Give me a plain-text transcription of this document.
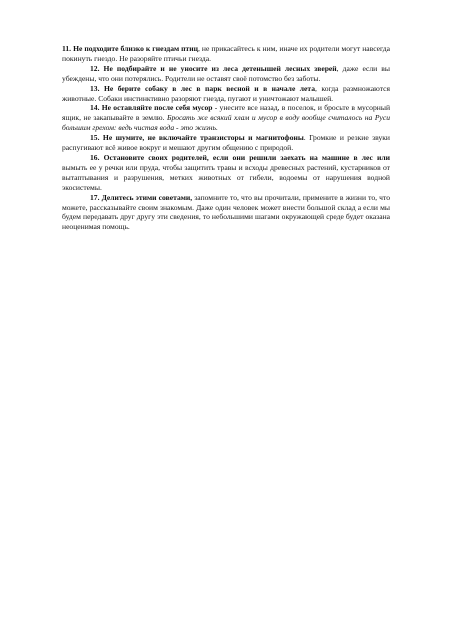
11. Не подходите близко к гнездам птиц, не прикасайтесь к ним, иначе их родители могут навсегда покинуть гнездо. Не разоряйте птичьи гнезда.

12. Не подбирайте и не уносите из леса детенышей лесных зверей, даже если вы убеждены, что они потерялись. Родители не оставят своё потомство без заботы.

13. Не берите собаку в лес в парк весной и в начале лета, когда размножаются животные. Собаки инстинктивно разоряют гнезда, пугают и уничтожают малышей.

14. Не оставляйте после себя мусор - унесите все назад, в поселок, и бросьте в мусорный ящик, не закапывайте в землю. Бросать же всякий хлам и мусор в воду вообще считалось на Руси большим грехом: ведь чистая вода - это жизнь.

15. Не шумите, не включайте транзисторы и магнитофоны. Громкие и резкие звуки распугивают всё живое вокруг и мешают другим общению с природой.

16. Остановите своих родителей, если они решили заехать на машине в лес или вымыть ее у речки или пруда, чтобы защитить травы и всходы древесных растений, кустарников от вытаптывания и разрушения, метких животных от гибели, водоемы от нарушения водной экосистемы.

17. Делитесь этими советами, запомните то, что вы прочитали, примените в жизни то, что можете, рассказывайте своим знакомым. Даже один человек может внести большой склад а если мы будем передавать друг другу эти сведения, то небольшими шагами окружающей среде будет оказана неоценимая помощь.
